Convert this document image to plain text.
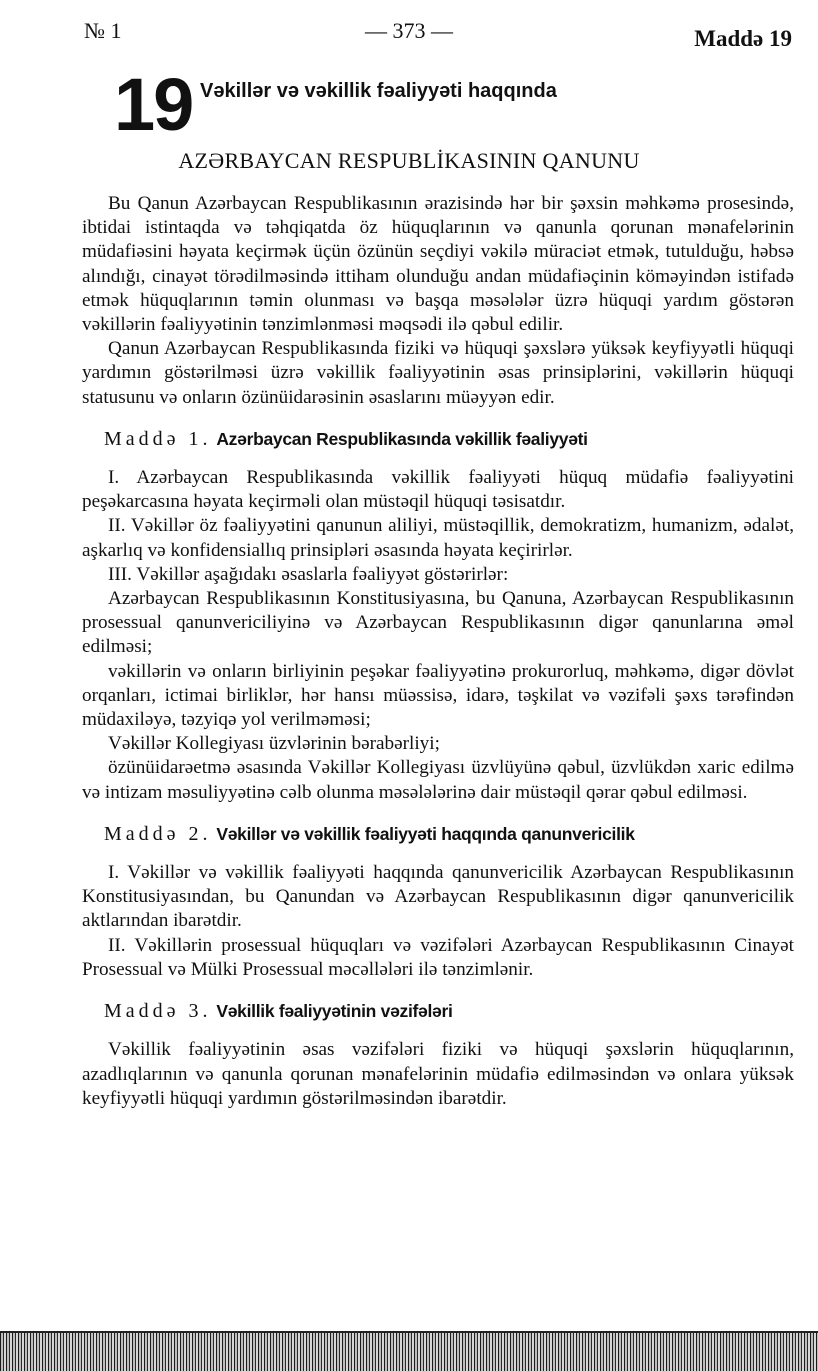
№ 1	— 373 —	Maddə 19
19 Vəkillər və vəkillik fəaliyyəti haqqında
AZƏRBAYCAN RESPUBLİKASININ QANUNU

Bu Qanun Azərbaycan Respublikasının ərazisində hər bir şəxsin məhkəmə prosesində, ibtidai istintaqda və təhqiqatda öz hüquqlarının və qanunla qorunan mənafelərinin müdafiəsini həyata keçirmək üçün özünün seçdiyi vəkilə müraciət etmək, tutulduğu, həbsə alındığı, cinayət törədilməsində ittiham olunduğu andan müdafiəçinin köməyindən istifadə etmək hüquqlarının təmin olunması və başqa məsələlər üzrə hüquqi yardım göstərən vəkillərin fəaliyyətinin tənzimlənməsi məqsədi ilə qəbul edilir.

Qanun Azərbaycan Respublikasında fiziki və hüquqi şəxslərə yüksək keyfiyyətli hüquqi yardımın göstərilməsi üzrə vəkillik fəaliyyətinin əsas prinsiplərini, vəkillərin hüquqi statusunu və onların özünüidarəsinin əsaslarını müəyyən edir.

Maddə 1. Azərbaycan Respublikasında vəkillik fəaliyyəti

I. Azərbaycan Respublikasında vəkillik fəaliyyəti hüquq müdafiə fəaliyyətini peşəkarcasına həyata keçirməli olan müstəqil hüquqi təsisatdır.

II. Vəkillər öz fəaliyyətini qanunun aliliyi, müstəqillik, demokratizm, humanizm, ədalət, aşkarlıq və konfidensiallıq prinsipləri əsasında həyata keçirirlər.

III. Vəkillər aşağıdakı əsaslarla fəaliyyət göstərirlər:

Azərbaycan Respublikasının Konstitusiyasına, bu Qanuna, Azərbaycan Respublikasının prosessual qanunvericiliyinə və Azərbaycan Respublikasının digər qanunlarına əməl edilməsi;

vəkillərin və onların birliyinin peşəkar fəaliyyətinə prokurorluq, məhkəmə, digər dövlət orqanları, ictimai birliklər, hər hansı müəssisə, idarə, təşkilat və vəzifəli şəxs tərəfindən müdaxiləyə, təzyiqə yol verilməməsi;

Vəkillər Kollegiyası üzvlərinin bərabərliyi;

özünüidarəetmə əsasında Vəkillər Kollegiyası üzvlüyünə qəbul, üzvlükdən xaric edilmə və intizam məsuliyyətinə cəlb olunma məsələlərinə dair müstəqil qərar qəbul edilməsi.

Maddə 2. Vəkillər və vəkillik fəaliyyəti haqqında qanunvericilik

I. Vəkillər və vəkillik fəaliyyəti haqqında qanunvericilik Azərbaycan Respublikasının Konstitusiyasından, bu Qanundan və Azərbaycan Respublikasının digər qanunvericilik aktlarından ibarətdir.

II. Vəkillərin prosessual hüquqları və vəzifələri Azərbaycan Respublikasının Cinayət Prosessual və Mülki Prosessual məcəllələri ilə tənzimlənir.

Maddə 3. Vəkillik fəaliyyətinin vəzifələri

Vəkillik fəaliyyətinin əsas vəzifələri fiziki və hüquqi şəxslərin hüquqlarının, azadlıqlarının və qanunla qorunan mənafelərinin müdafiə edilməsindən və onlara yüksək keyfiyyətli hüquqi yardımın göstərilməsindən ibarətdir.
